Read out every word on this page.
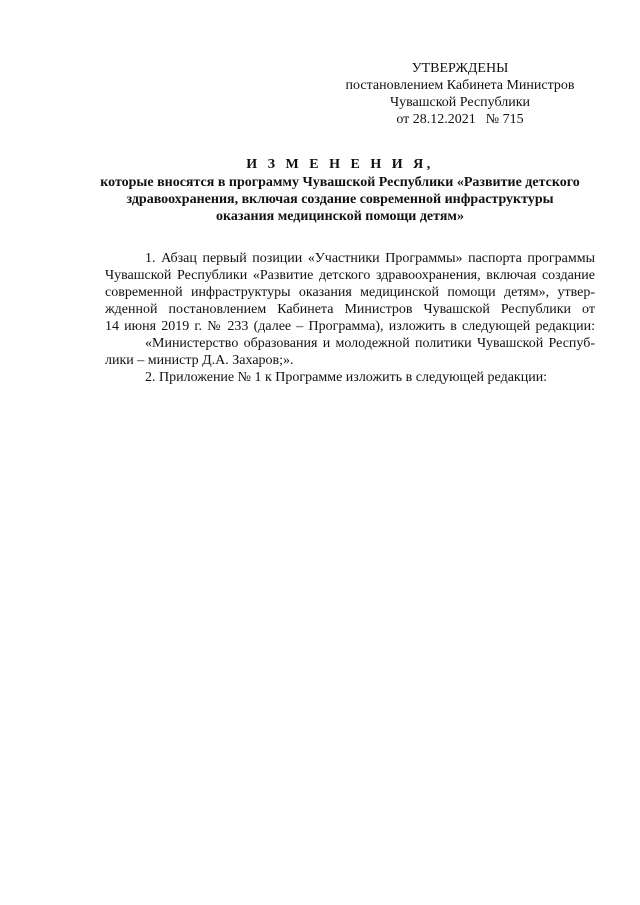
УТВЕРЖДЕНЫ
постановлением Кабинета Министров
Чувашской Республики
от 28.12.2021 № 715
И З М Е Н Е Н И Я,
которые вносятся в программу Чувашской Республики «Развитие детского
здравоохранения, включая создание современной инфраструктуры
оказания медицинской помощи детям»
1. Абзац первый позиции «Участники Программы» паспорта программы
Чувашской Республики «Развитие детского здравоохранения, включая создание
современной инфраструктуры оказания медицинской помощи детям», утвер-
жденной постановлением Кабинета Министров Чувашской Республики от
14 июня 2019 г. № 233 (далее – Программа), изложить в следующей редакции:
«Министерство образования и молодежной политики Чувашской Респуб-
лики – министр Д.А. Захаров;».
2. Приложение № 1 к Программе изложить в следующей редакции:
